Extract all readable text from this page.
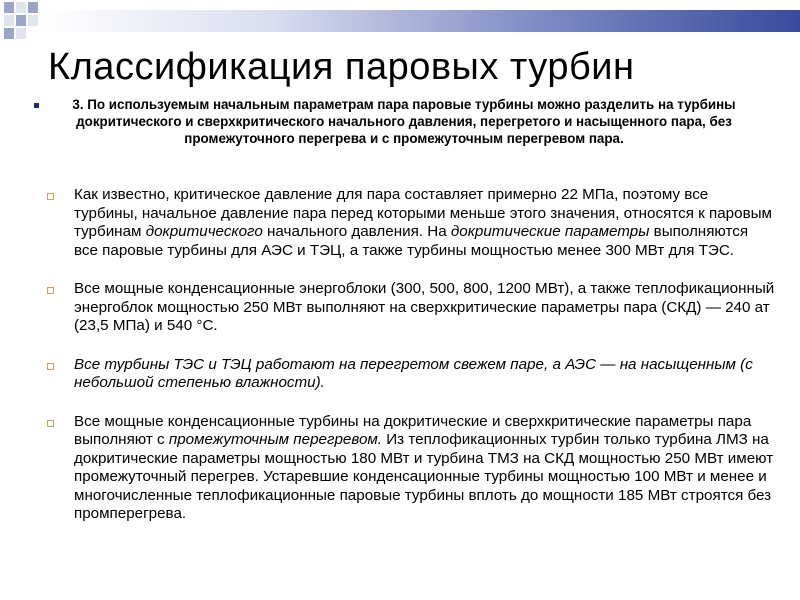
Классификация паровых турбин

3. По используемым начальным параметрам пара паровые турбины можно разделить на турбины докритического и сверхкритического начального давления, перегретого и насыщенного пара, без промежуточного перегрева и с промежуточным перегревом пара.

Как известно, критическое давление для пара составляет примерно 22 МПа, поэтому все турбины, начальное давление пара перед которыми меньше этого значения, относятся к паровым турбинам докритического начального давления. На докритические параметры выполняются все паровые турбины для АЭС и ТЭЦ, а также турбины мощностью менее 300 МВт для ТЭС.
Все мощные конденсационные энергоблоки (300, 500, 800, 1200 МВт), а также теплофикационный энергоблок мощностью 250 МВт выполняют на сверхкритические параметры пара (СКД) — 240 ат (23,5 МПа) и 540 °С.
Все турбины ТЭС и ТЭЦ работают на перегретом свежем паре, а АЭС — на насыщенным (с небольшой степенью влажности).
Все мощные конденсационные турбины на докритические и сверхкритические параметры пара выполняют с промежуточным перегревом. Из теплофикационных турбин только турбина ЛМЗ на докритические параметры мощностью 180 МВт и турбина ТМЗ на СКД мощностью 250 МВт имеют промежуточный перегрев. Устаревшие конденсационные турбины мощностью 100 МВт и менее и многочисленные теплофикационные паровые турбины вплоть до мощности 185 МВт строятся без промперегрева.
